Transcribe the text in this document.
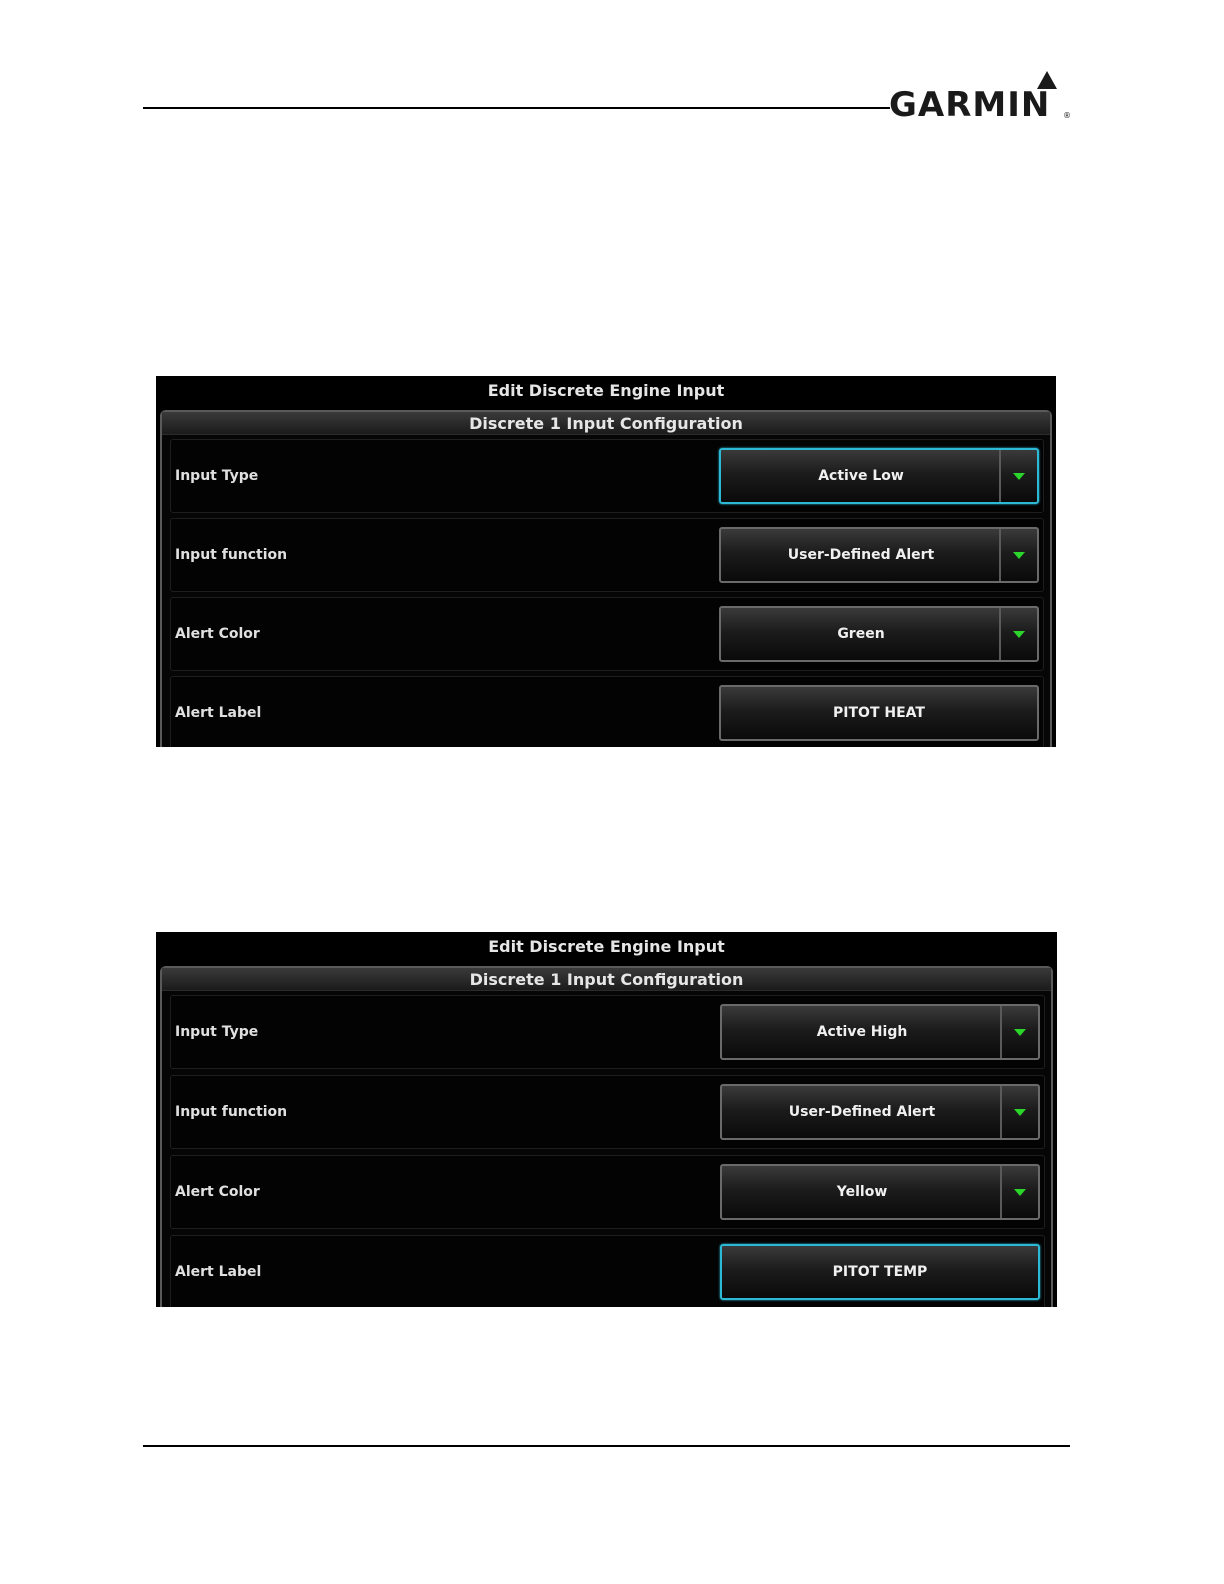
GARMIN ®
Edit Discrete Engine Input
Discrete 1 Input Configuration
Input Type	Active Low
Input function	User-Defined Alert
Alert Color	Green
Alert Label	PITOT HEAT
Edit Discrete Engine Input
Discrete 1 Input Configuration
Input Type	Active High
Input function	User-Defined Alert
Alert Color	Yellow
Alert Label	PITOT TEMP
